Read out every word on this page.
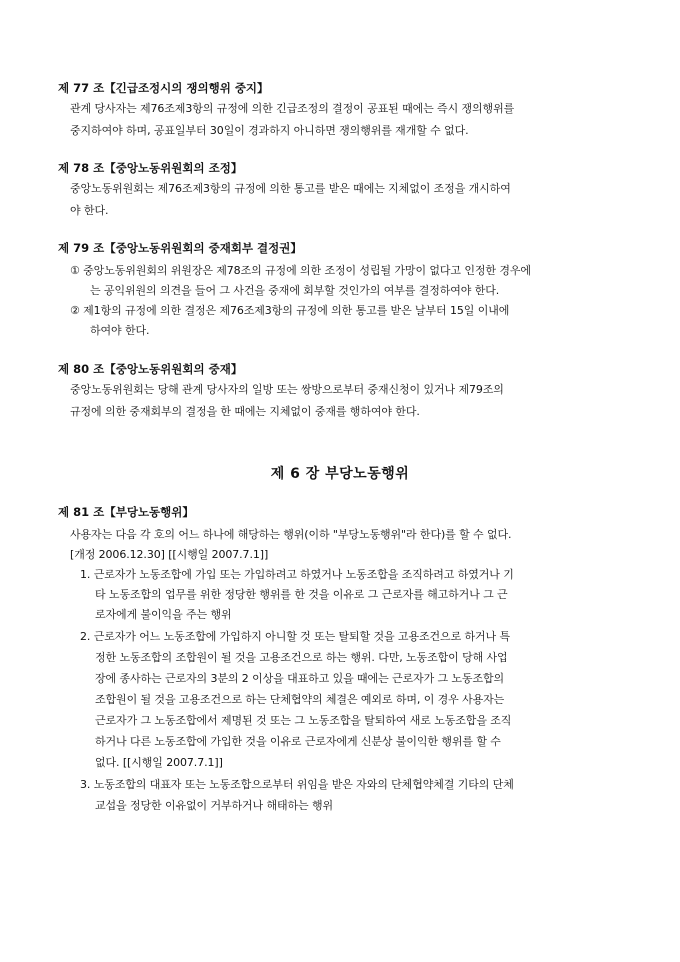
제 77 조【긴급조정시의 쟁의행위 중지】
관계 당사자는 제76조제3항의 규정에 의한 긴급조정의 결정이 공표된 때에는 즉시 쟁의행위를
중지하여야 하며, 공표일부터 30일이 경과하지 아니하면 쟁의행위를 재개할 수 없다.
제 78 조【중앙노동위원회의 조정】
중앙노동위원회는 제76조제3항의 규정에 의한 통고를 받은 때에는 지체없이 조정을 개시하여
야 한다.
제 79 조【중앙노동위원회의 중재회부 결정권】
① 중앙노동위원회의 위원장은 제78조의 규정에 의한 조정이 성립될 가망이 없다고 인정한 경우에
는 공익위원의 의견을 들어 그 사건을 중재에 회부할 것인가의 여부를 결정하여야 한다.
② 제1항의 규정에 의한 결정은 제76조제3항의 규정에 의한 통고를 받은 날부터 15일 이내에
하여야 한다.
제 80 조【중앙노동위원회의 중재】
중앙노동위원회는 당해 관계 당사자의 일방 또는 쌍방으로부터 중재신청이 있거나 제79조의
규정에 의한 중재회부의 결정을 한 때에는 지체없이 중재를 행하여야 한다.
제 6 장 부당노동행위
제 81 조【부당노동행위】
사용자는 다음 각 호의 어느 하나에 해당하는 행위(이하 "부당노동행위"라 한다)를 할 수 없다.
[개정 2006.12.30] [[시행일 2007.7.1]]
1. 근로자가 노동조합에 가입 또는 가입하려고 하였거나 노동조합을 조직하려고 하였거나 기
타 노동조합의 업무를 위한 정당한 행위를 한 것을 이유로 그 근로자를 해고하거나 그 근
로자에게 불이익을 주는 행위
2. 근로자가 어느 노동조합에 가입하지 아니할 것 또는 탈퇴할 것을 고용조건으로 하거나 특
정한 노동조합의 조합원이 될 것을 고용조건으로 하는 행위. 다만, 노동조합이 당해 사업
장에 종사하는 근로자의 3분의 2 이상을 대표하고 있을 때에는 근로자가 그 노동조합의
조합원이 될 것을 고용조건으로 하는 단체협약의 체결은 예외로 하며, 이 경우 사용자는
근로자가 그 노동조합에서 제명된 것 또는 그 노동조합을 탈퇴하여 새로 노동조합을 조직
하거나 다른 노동조합에 가입한 것을 이유로 근로자에게 신분상 불이익한 행위를 할 수
없다. [[시행일 2007.7.1]]
3. 노동조합의 대표자 또는 노동조합으로부터 위임을 받은 자와의 단체협약체결 기타의 단체
교섭을 정당한 이유없이 거부하거나 해태하는 행위
